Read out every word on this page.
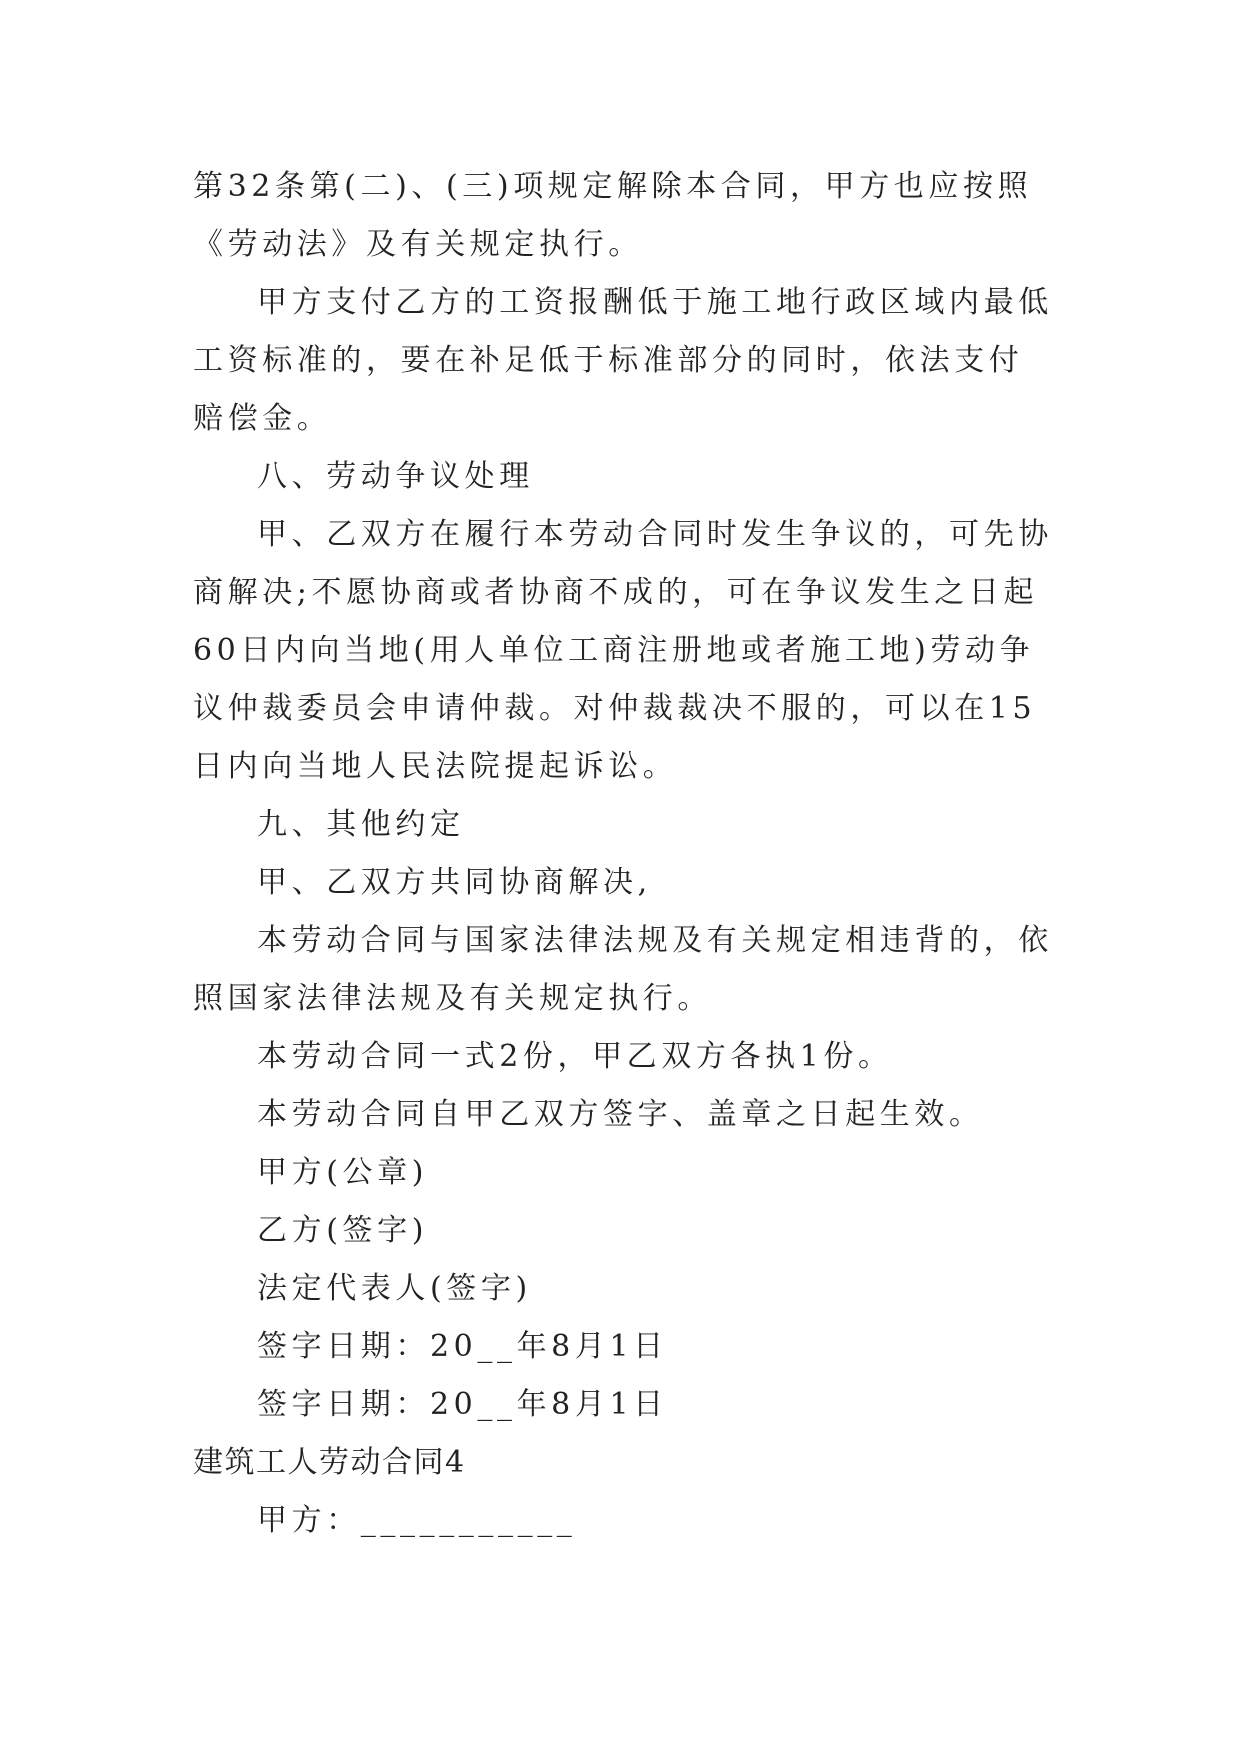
第32条第(二)、(三)项规定解除本合同，甲方也应按照《劳动法》及有关规定执行。

甲方支付乙方的工资报酬低于施工地行政区域内最低工资标准的，要在补足低于标准部分的同时，依法支付赔偿金。

八、劳动争议处理

甲、乙双方在履行本劳动合同时发生争议的，可先协商解决;不愿协商或者协商不成的，可在争议发生之日起60日内向当地(用人单位工商注册地或者施工地)劳动争议仲裁委员会申请仲裁。对仲裁裁决不服的，可以在15日内向当地人民法院提起诉讼。

九、其他约定

甲、乙双方共同协商解决,

本劳动合同与国家法律法规及有关规定相违背的，依照国家法律法规及有关规定执行。

本劳动合同一式2份，甲乙双方各执1份。

本劳动合同自甲乙双方签字、盖章之日起生效。

甲方(公章)

乙方(签字)

法定代表人(签字)

签字日期：20__年8月1日

签字日期：20__年8月1日

建筑工人劳动合同4

甲方：___________
